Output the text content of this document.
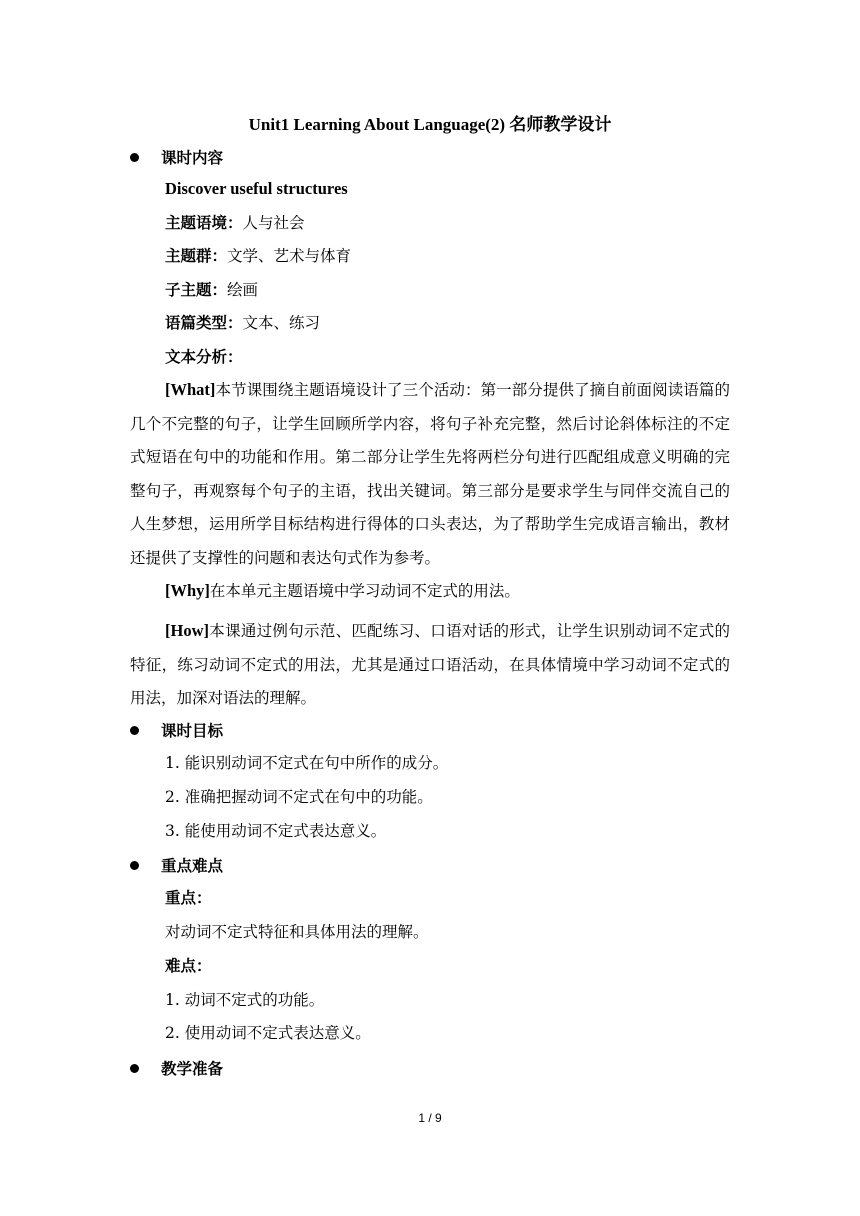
Unit1 Learning About Language(2) 名师教学设计
课时内容
Discover useful structures
主题语境：人与社会
主题群：文学、艺术与体育
子主题：绘画
语篇类型：文本、练习
文本分析：
[What]本节课围绕主题语境设计了三个活动：第一部分提供了摘自前面阅读语篇的几个不完整的句子，让学生回顾所学内容，将句子补充完整，然后讨论斜体标注的不定式短语在句中的功能和作用。第二部分让学生先将两栏分句进行匹配组成意义明确的完整句子，再观察每个句子的主语，找出关键词。第三部分是要求学生与同伴交流自己的人生梦想，运用所学目标结构进行得体的口头表达，为了帮助学生完成语言输出，教材还提供了支撑性的问题和表达句式作为参考。
[Why]在本单元主题语境中学习动词不定式的用法。
[How]本课通过例句示范、匹配练习、口语对话的形式，让学生识别动词不定式的特征，练习动词不定式的用法，尤其是通过口语活动，在具体情境中学习动词不定式的用法，加深对语法的理解。
课时目标
1. 能识别动词不定式在句中所作的成分。
2. 准确把握动词不定式在句中的功能。
3. 能使用动词不定式表达意义。
重点难点
重点：
对动词不定式特征和具体用法的理解。
难点：
1. 动词不定式的功能。
2. 使用动词不定式表达意义。
教学准备
1 / 9
